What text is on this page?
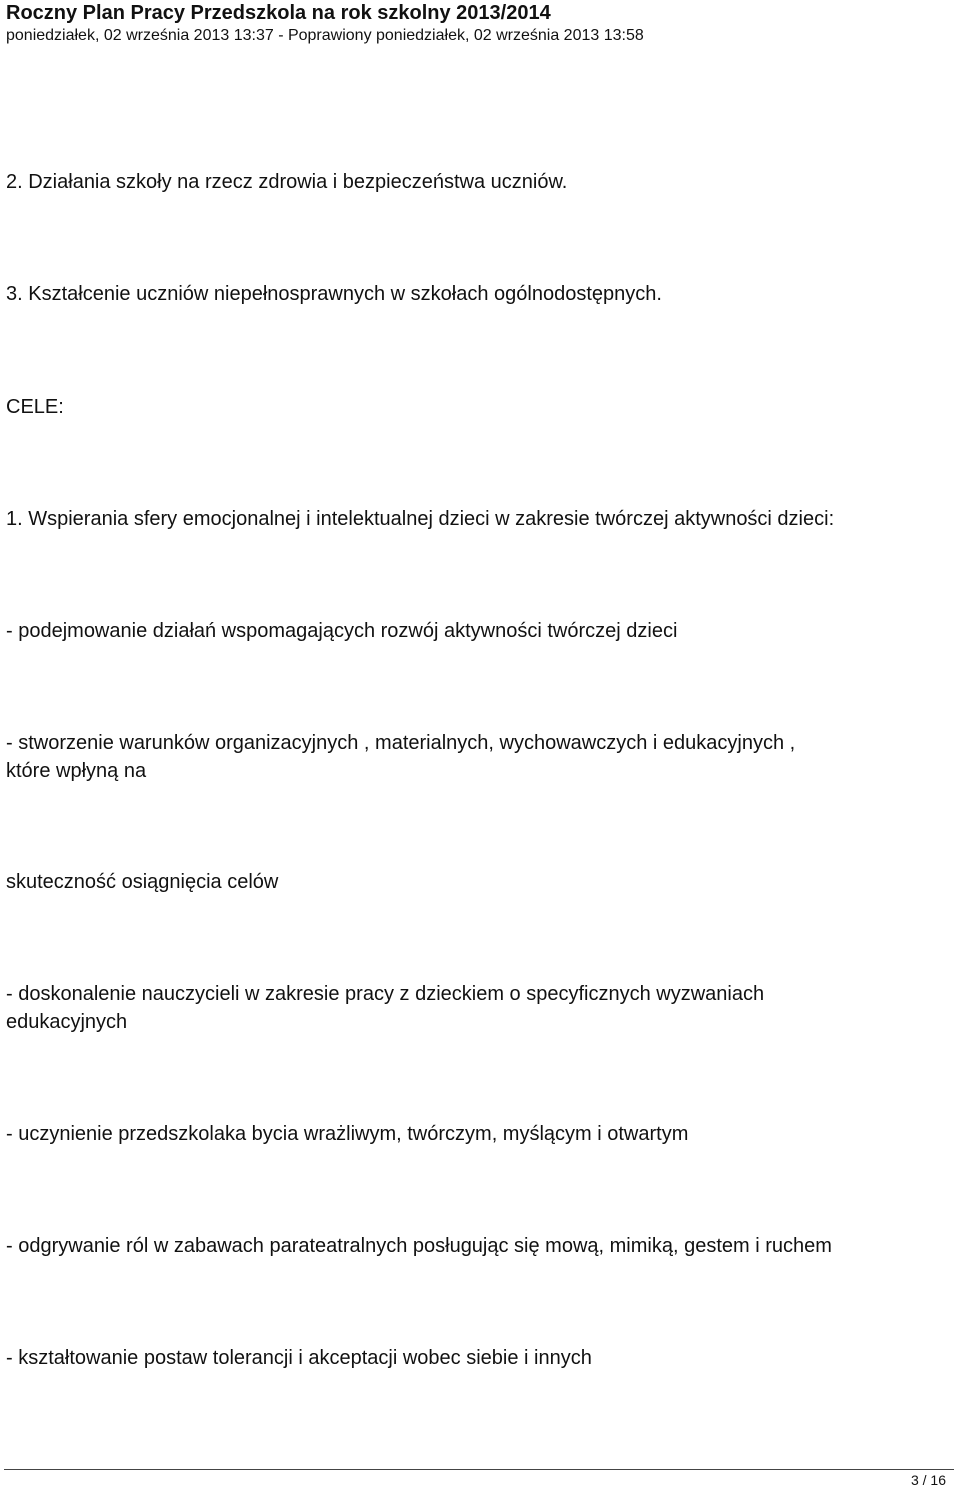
Roczny Plan Pracy Przedszkola na rok szkolny 2013/2014
poniedziałek, 02 września 2013 13:37 - Poprawiony poniedziałek, 02 września 2013 13:58
2. Działania szkoły na rzecz zdrowia i bezpieczeństwa uczniów.
3. Kształcenie uczniów niepełnosprawnych w szkołach ogólnodostępnych.
CELE:
1. Wspierania sfery emocjonalnej i intelektualnej dzieci w zakresie twórczej aktywności dzieci:
- podejmowanie działań wspomagających rozwój aktywności twórczej dzieci
- stworzenie warunków organizacyjnych , materialnych, wychowawczych i edukacyjnych ,
które wpłyną na
skuteczność osiągnięcia celów
- doskonalenie nauczycieli w zakresie pracy z dzieckiem o specyficznych wyzwaniach
edukacyjnych
- uczynienie przedszkolaka bycia wrażliwym, twórczym, myślącym i otwartym
- odgrywanie ról w zabawach parateatralnych posługując się mową, mimiką, gestem i ruchem
- kształtowanie postaw tolerancji i akceptacji wobec siebie i innych
3 / 16
